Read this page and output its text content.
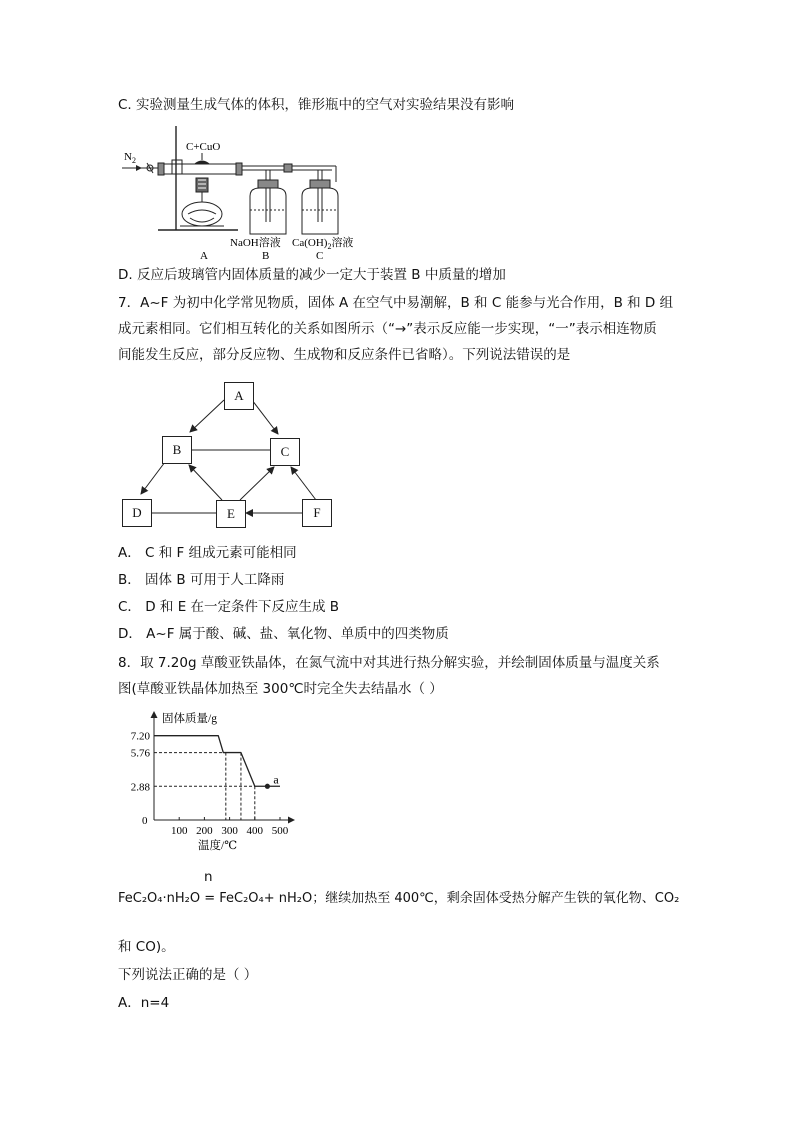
C. 实验测量生成气体的体积，锥形瓶中的空气对实验结果没有影响
$N_2$
C+CuO
NaOH溶液 $Ca(OH)_2$溶液
A	B	C
D. 反应后玻璃管内固体质量的减少一定大于装置 B 中质量的增加
7．A~F 为初中化学常见物质，固体 A 在空气中易潮解，B 和 C 能参与光合作用，B 和 D 组
成元素相同。它们相互转化的关系如图所示（“→”表示反应能一步实现，“一”表示相连物质
间能发生反应，部分反应物、生成物和反应条件已省略）。下列说法错误的是
A
B	C
D	E	F
A． C 和 F 组成元素可能相同
B． 固体 B 可用于人工降雨
C． D 和 E 在一定条件下反应生成 B
D． A~F 属于酸、碱、盐、氧化物、单质中的四类物质
8．取 7.20g 草酸亚铁晶体，在氮气流中对其进行热分解实验，并绘制固体质量与温度关系
图(草酸亚铁晶体加热至 300℃时完全失去结晶水（ ）
固体质量/g
温度/℃
0
100 200 300 400 500
7.20
5.76
2.88
a
n
FeC₂O₄·nH₂O = FeC₂O₄+ nH₂O；继续加热至 400℃，剩余固体受热分解产生铁的氧化物、CO₂
和 CO)。
下列说法正确的是（ ）
A．n=4
